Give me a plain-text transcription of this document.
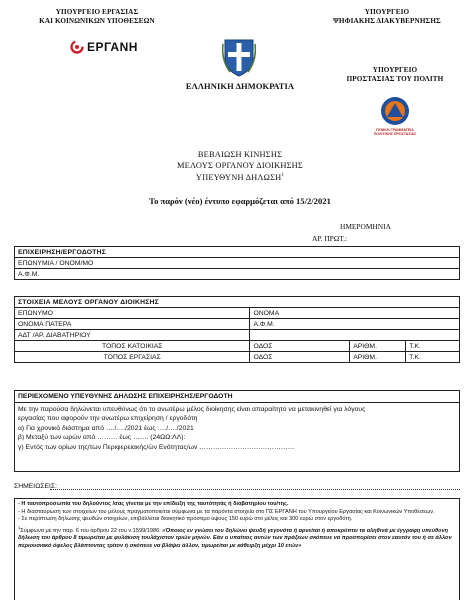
ΥΠΟΥΡΓΕΙΟ ΕΡΓΑΣΙΑΣ
ΚΑΙ ΚΟΙΝΩΝΙΚΩΝ ΥΠΟΘΕΣΕΩΝ
ΕΡΓΑΝΗ
ΕΛΛΗΝΙΚΗ ΔΗΜΟΚΡΑΤΙΑ
ΥΠΟΥΡΓΕΙΟ
ΨΗΦΙΑΚΗΣ ΔΙΑΚΥΒΕΡΝΗΣΗΣ
ΥΠΟΥΡΓΕΙΟ
ΠΡΟΣΤΑΣΙΑΣ ΤΟΥ ΠΟΛΙΤΗ
ΓΕΝΙΚΗ ΓΡΑΜΜΑΤΕΙΑ
ΠΟΛΙΤΙΚΗΣ ΠΡΟΣΤΑΣΙΑΣ
ΒΕΒΑΙΩΣΗ ΚΙΝΗΣΗΣ
ΜΕΛΟΥΣ ΟΡΓΑΝΟΥ ΔΙΟΙΚΗΣΗΣ
ΥΠΕΥΘΥΝΗ ΔΗΛΩΣΗ$^1$
Το παρόν (νέο) έντυπο εφαρμόζεται από 15/2/2021
ΗΜΕΡΟΜΗΝΙΑ
ΑΡ. ΠΡΩΤ.:
ΕΠΙΧΕΙΡΗΣΗ/ΕΡΓΟΔΟΤΗΣ
ΕΠΩΝΥΜΙΑ / ΟΝΟΜ/ΜΟ
Α.Φ.Μ.
ΣΤΟΙΧΕΙΑ ΜΕΛΟΥΣ ΟΡΓΑΝΟΥ ΔΙΟΙΚΗΣΗΣ			
ΕΠΩΝΥΜΟ	ΟΝΟΜΑ		
ΟΝΟΜΑ ΠΑΤΕΡΑ	Α.Φ.Μ.		
ΑΔΤ /ΑΡ. ΔΙΑΒΑΤΗΡΙΟΥ			
ΤΟΠΟΣ ΚΑΤΟΙΚΙΑΣ	ΟΔΟΣ	ΑΡΙΘΜ.	Τ.Κ.
ΤΟΠΟΣ ΕΡΓΑΣΙΑΣ	ΟΔΟΣ	ΑΡΙΘΜ.	Τ.Κ.
ΠΕΡΙΕΧΟΜΕΝΟ ΥΠΕΥΘΥΝΗΣ ΔΗΛΩΣΗΣ ΕΠΙΧΕΙΡΗΣΗΣ/ΕΡΓΟΔΟΤΗ
Με την παρούσα δηλώνεται υπευθύνως ότι το ανωτέρω μέλος διοίκησης είναι απαραίτητο να μετακινηθεί για λόγους
εργασίας που αφορούν την ανωτέρω επιχείρηση / εργοδότη
α) Για χρονικό διάστημα από …./…./2021 έως …./…./2021
β) Μεταξύ των ωρών από ……… έως ……. (24ΩΩ:ΛΛ):
γ) Εντός των ορίων της/των Περιφερειακής/ών Ενότητας/ων ……………………………………
ΣΗΜΕΙΩΣΕΙΣ:

- Η ταυτοπροσωπία του δηλούντος /σας γίνεται με την επίδειξη της ταυτότητάς ή διαβατηρίου του/της.

- Η διασταύρωση των στοιχείων του μέλους πραγματοποιείται σύμφωνα με τα παρόντα στοιχεία στο ΠΣ ΕΡΓΑΝΗ του Υπουργείου Εργασίας και Κοινωνικών Υποθέσεων.

- Σε περίπτωση δήλωσης ψευδών στοιχείων, επιβάλλεται διοικητικό πρόστιμο ύψους 150 ευρώ στο μέλος και 300 ευρώ στον εργοδότη.

$^1$Σύμφωνα με την παρ. 6 του άρθρου 22 του ν.1599/1986: «Όποιος εν γνώσει του δηλώνει ψευδή γεγονότα ή αρνείται ή αποκρύπτει τα αληθινά με έγγραφη υπεύθυνη δήλωση του άρθρου 8 τιμωρείται με φυλάκιση τουλάχιστον τριών μηνών. Εάν ο υπαίτιος αυτών των πράξεων σκόπευε να προσπορίσει στον εαυτόν του ή σε άλλον περιουσιακό όφελος βλάπτοντας τρίτον ή σκόπευε να βλάψει άλλον, τιμωρείται με κάθειρξη μέχρι 10 ετών»
